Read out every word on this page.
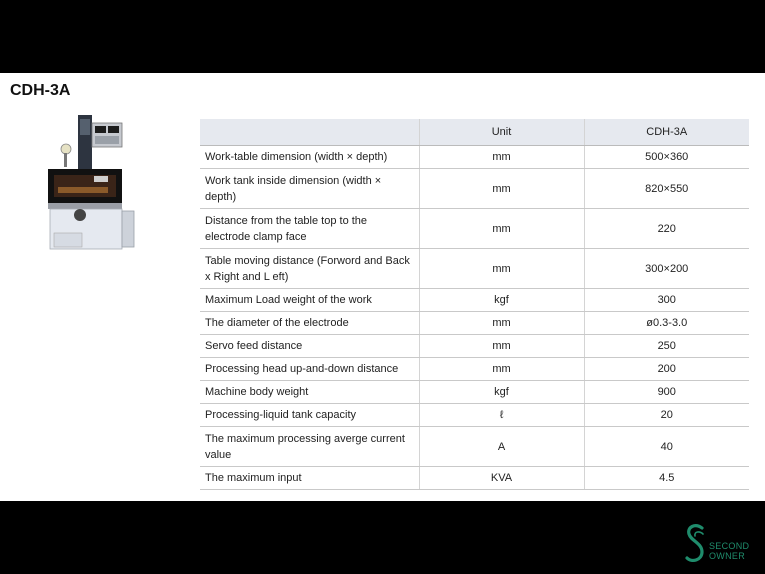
CDH-3A
	Unit	CDH-3A
Work-table dimension (width × depth)	mm	500×360
Work tank inside dimension (width × depth)	mm	820×550
Distance from the table top to the electrode clamp face	mm	220
Table moving distance (Forword and Back x Right and L eft)	mm	300×200
Maximum Load weight of the work	kgf	300
The diameter of the electrode	mm	ø0.3-3.0
Servo feed distance	mm	250
Processing head up-and-down distance	mm	200
Machine body weight	kgf	900
Processing-liquid tank capacity	ℓ	20
The maximum processing averge current value	A	40
The maximum input	KVA	4.5
SECOND
OWNER
